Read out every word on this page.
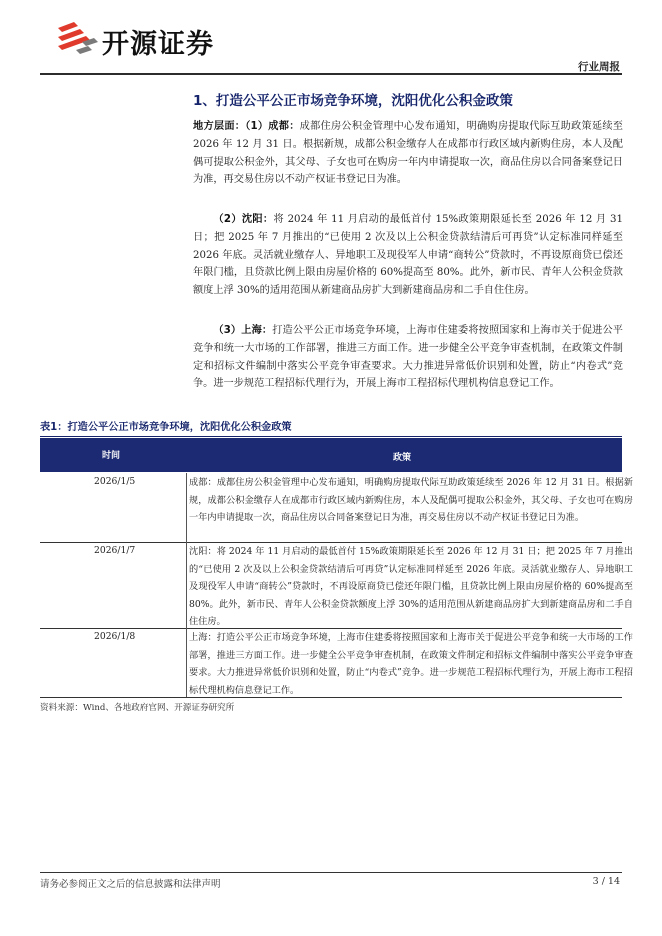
开源证券
行业周报
1、打造公平公正市场竞争环境，沈阳优化公积金政策
地方层面：（1）成都：成都住房公积金管理中心发布通知，明确购房提取代际互助政策延续至 2026 年 12 月 31 日。根据新规，成都公积金缴存人在成都市行政区域内新购住房，本人及配偶可提取公积金外，其父母、子女也可在购房一年内申请提取一次，商品住房以合同备案登记日为准，再交易住房以不动产权证书登记日为准。
（2）沈阳：将 2024 年 11 月启动的最低首付 15%政策期限延长至 2026 年 12 月 31 日；把 2025 年 7 月推出的“已使用 2 次及以上公积金贷款结清后可再贷”认定标准同样延至 2026 年底。灵活就业缴存人、异地职工及现役军人申请“商转公”贷款时，不再设原商贷已偿还年限门槛，且贷款比例上限由房屋价格的 60%提高至 80%。此外，新市民、青年人公积金贷款额度上浮 30%的适用范围从新建商品房扩大到新建商品房和二手自住住房。
（3）上海：打造公平公正市场竞争环境，上海市住建委将按照国家和上海市关于促进公平竞争和统一大市场的工作部署，推进三方面工作。进一步健全公平竞争审查机制，在政策文件制定和招标文件编制中落实公平竞争审查要求。大力推进异常低价识别和处置，防止“内卷式”竞争。进一步规范工程招标代理行为，开展上海市工程招标代理机构信息登记工作。
表1：打造公平公正市场竞争环境，沈阳优化公积金政策
时间	政策
2026/1/5	成都：成都住房公积金管理中心发布通知，明确购房提取代际互助政策延续至 2026 年 12 月 31 日。根据新规，成都公积金缴存人在成都市行政区域内新购住房，本人及配偶可提取公积金外，其父母、子女也可在购房一年内申请提取一次，商品住房以合同备案登记日为准，再交易住房以不动产权证书登记日为准。
2026/1/7	沈阳：将 2024 年 11 月启动的最低首付 15%政策期限延长至 2026 年 12 月 31 日；把 2025 年 7 月推出的“已使用 2 次及以上公积金贷款结清后可再贷”认定标准同样延至 2026 年底。灵活就业缴存人、异地职工及现役军人申请“商转公”贷款时，不再设原商贷已偿还年限门槛，且贷款比例上限由房屋价格的 60%提高至 80%。此外，新市民、青年人公积金贷款额度上浮 30%的适用范围从新建商品房扩大到新建商品房和二手自住住房。
2026/1/8	上海：打造公平公正市场竞争环境，上海市住建委将按照国家和上海市关于促进公平竞争和统一大市场的工作部署，推进三方面工作。进一步健全公平竞争审查机制，在政策文件制定和招标文件编制中落实公平竞争审查要求。大力推进异常低价识别和处置，防止“内卷式”竞争。进一步规范工程招标代理行为，开展上海市工程招标代理机构信息登记工作。
资料来源：Wind、各地政府官网、开源证券研究所
请务必参阅正文之后的信息披露和法律声明	3 / 14
